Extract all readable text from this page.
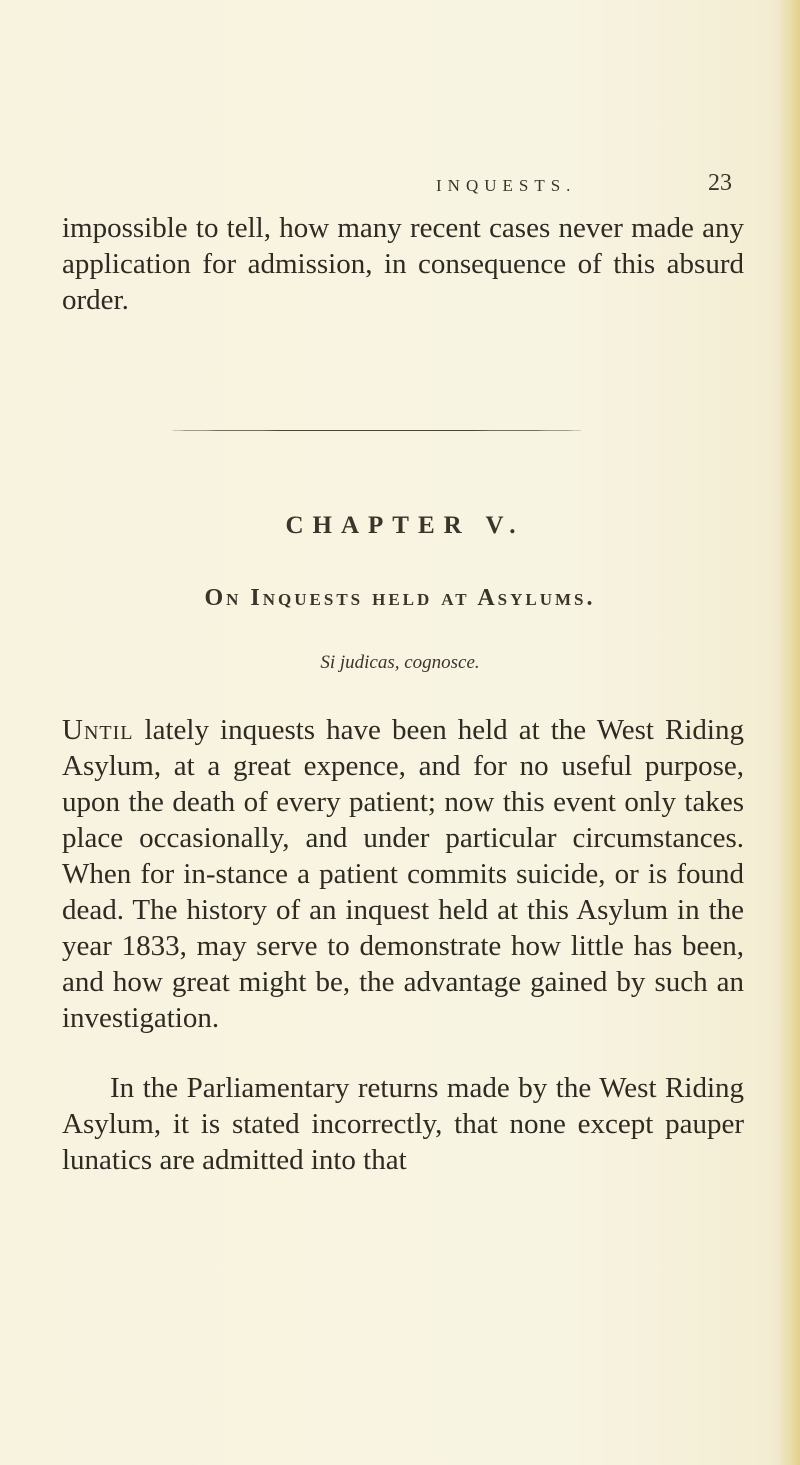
INQUESTS.	23

impossible to tell, how many recent cases never made any application for admission, in consequence of this absurd order.

CHAPTER V.
On Inquests held at Asylums.

Si judicas, cognosce.

Until lately inquests have been held at the West Riding Asylum, at a great expence, and for no useful purpose, upon the death of every patient; now this event only takes place occasionally, and under particular circumstances. When for in-stance a patient commits suicide, or is found dead. The history of an inquest held at this Asylum in the year 1833, may serve to demonstrate how little has been, and how great might be, the advantage gained by such an investigation.

In the Parliamentary returns made by the West Riding Asylum, it is stated incorrectly, that none except pauper lunatics are admitted into that
